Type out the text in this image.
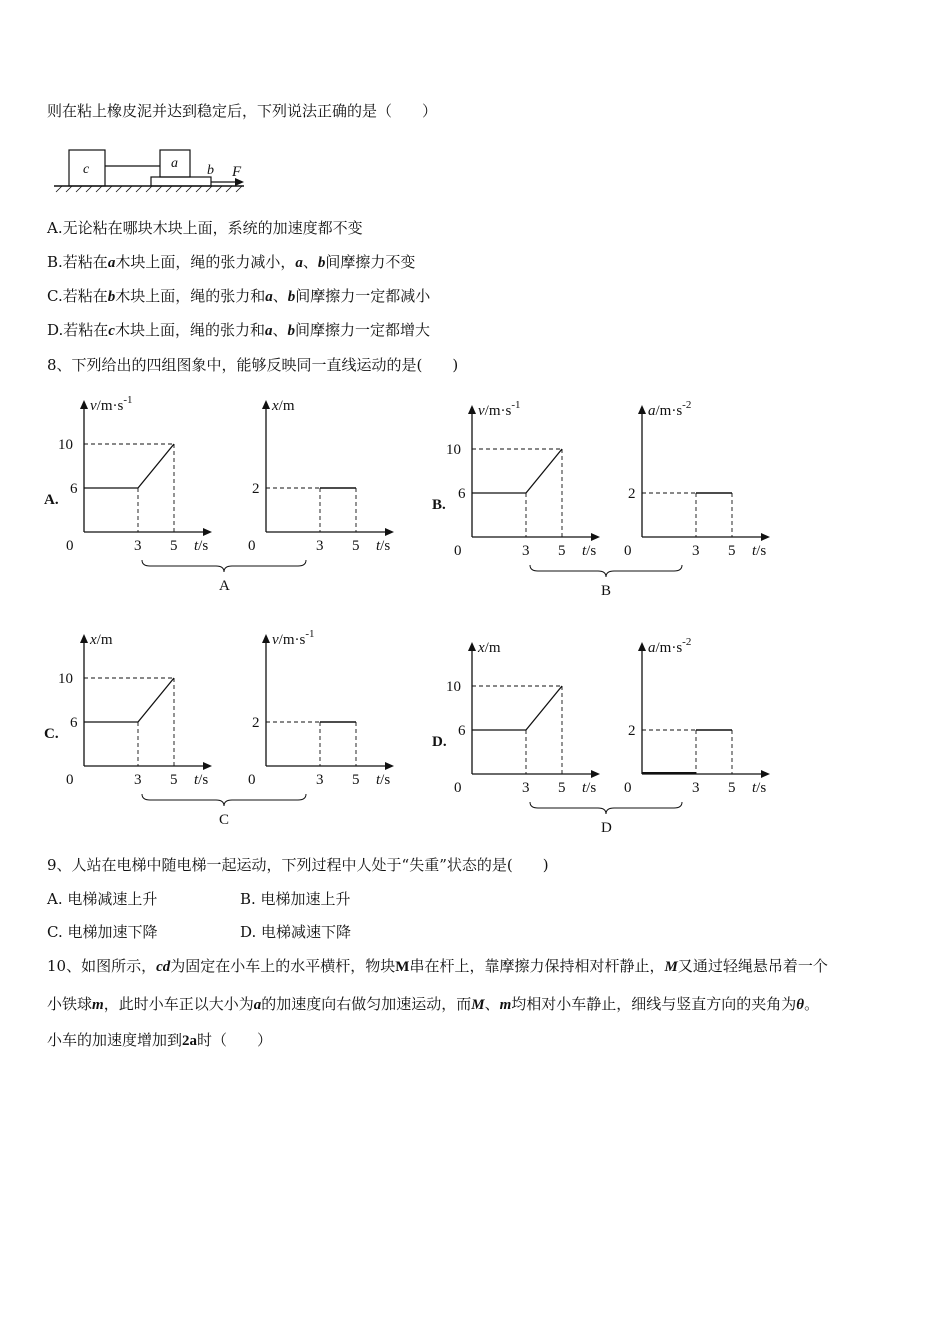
则在粘上橡皮泥并达到稳定后，下列说法正确的是（　　）
c	a b F
A.无论粘在哪块木块上面，系统的加速度都不变
B.若粘在a木块上面，绳的张力减小，a、b间摩擦力不变
C.若粘在b木块上面，绳的张力和a、b间摩擦力一定都减小
D.若粘在c木块上面，绳的张力和a、b间摩擦力一定都增大
8、下列给出的四组图象中，能够反映同一直线运动的是(　　)
A.
$v/m\cdot s^{-1}$
0	3 5 t/s
10
6
x/m
0	3 5 t/s
2
A
B.
$v/m\cdot s^{-1}$
0	3 5 t/s
10
6
$a/m\cdot s^{-2}$
0	3 5 t/s
2
B
C.
x/m
0	3 5 t/s
10
6
$v/m\cdot s^{-1}$
0	3 5 t/s
2
C
D.
x/m
0	3 5 t/s
10
6
$a/m\cdot s^{-2}$
0	3 5 t/s
2
D
9、人站在电梯中随电梯一起运动，下列过程中人处于“失重”状态的是(　　)
A. 电梯减速上升	B. 电梯加速上升
C. 电梯加速下降	D. 电梯减速下降
10、如图所示，cd为固定在小车上的水平横杆，物块M串在杆上，靠摩擦力保持相对杆静止，M又通过轻绳悬吊着一个
小铁球m，此时小车正以大小为a的加速度向右做匀加速运动，而M、m均相对小车静止，细线与竖直方向的夹角为θ。
小车的加速度增加到2a时（　　）
